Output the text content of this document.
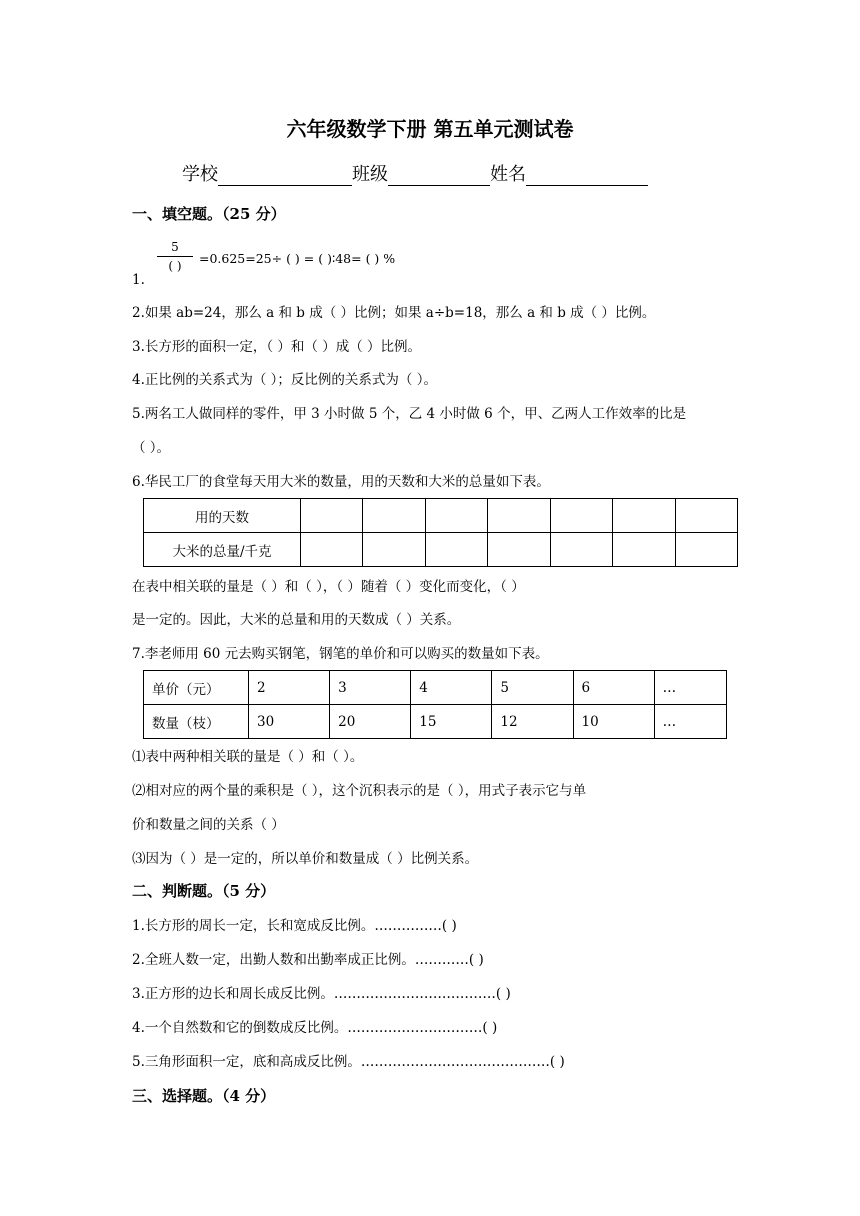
六年级数学下册 第五单元测试卷
学校	班级	姓名
一、填空题。（25 分）
5
( )	=0.625=25÷ ( ) = ( )∶48= ( ) %
1.
2.如果 ab=24，那么 a 和 b 成（ ）比例；如果 a÷b=18，那么 a 和 b 成（ ）比例。
3.长方形的面积一定，（ ）和（ ）成（ ）比例。
4.正比例的关系式为（ ）；反比例的关系式为（ ）。
5.两名工人做同样的零件，甲 3 小时做 5 个，乙 4 小时做 6 个，甲、乙两人工作效率的比是
（ ）。
6.华民工厂的食堂每天用大米的数量，用的天数和大米的总量如下表。
用的天数							
大米的总量/千克							
在表中相关联的量是（ ）和（ ），（ ）随着（ ）变化而变化，（ ）
是一定的。因此，大米的总量和用的天数成（ ）关系。
7.李老师用 60 元去购买钢笔，钢笔的单价和可以购买的数量如下表。
单价（元）	2	3	4	5	6	…
数量（枝）	30	20	15	12	10	…
⑴表中两种相关联的量是（ ）和（ ）。
⑵相对应的两个量的乘积是（ ），这个沉积表示的是（ ），用式子表示它与单
价和数量之间的关系（ ）
⑶因为（ ）是一定的，所以单价和数量成（ ）比例关系。
二、判断题。（5 分）
1.长方形的周长一定，长和宽成反比例。……………( )
2.全班人数一定，出勤人数和出勤率成正比例。…………( )
3.正方形的边长和周长成反比例。………………………………( )
4.一个自然数和它的倒数成反比例。…………………………( )
5.三角形面积一定，底和高成反比例。……………………………………( )
三、选择题。（4 分）
